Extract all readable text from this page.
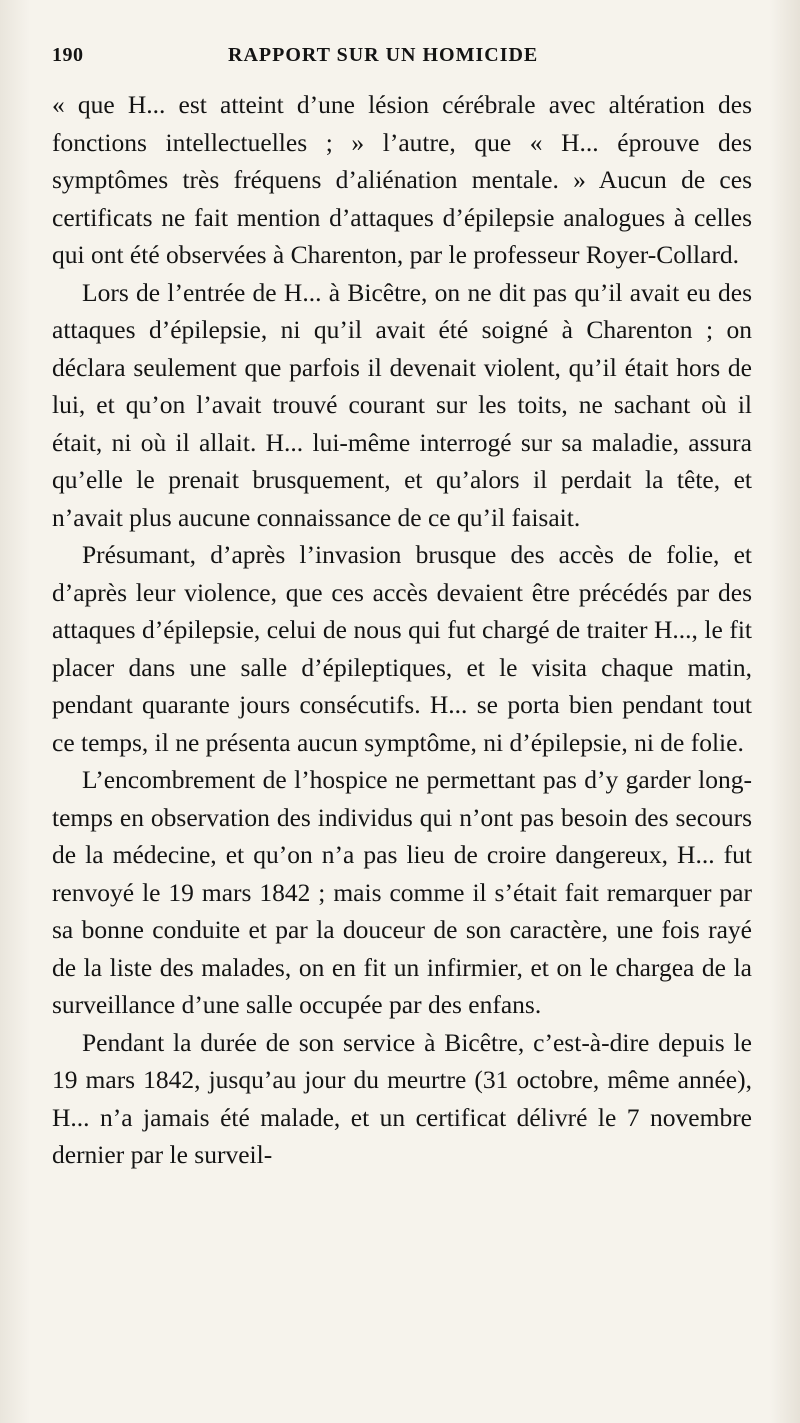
190	RAPPORT SUR UN HOMICIDE

« que H... est atteint d’une lésion cérébrale avec altération des fonctions intellectuelles ; » l’autre, que « H... éprouve des symptômes très fréquens d’aliénation mentale. » Aucun de ces certificats ne fait mention d’attaques d’épilepsie analogues à celles qui ont été observées à Charenton, par le professeur Royer-Collard.

Lors de l’entrée de H... à Bicêtre, on ne dit pas qu’il avait eu des attaques d’épilepsie, ni qu’il avait été soigné à Charenton ; on déclara seulement que parfois il devenait violent, qu’il était hors de lui, et qu’on l’avait trouvé courant sur les toits, ne sachant où il était, ni où il allait. H... lui-même interrogé sur sa maladie, assura qu’elle le prenait brusquement, et qu’alors il perdait la tête, et n’avait plus aucune connaissance de ce qu’il faisait.

Présumant, d’après l’invasion brusque des accès de folie, et d’après leur violence, que ces accès devaient être précédés par des attaques d’épilepsie, celui de nous qui fut chargé de traiter H..., le fit placer dans une salle d’épileptiques, et le visita chaque matin, pendant quarante jours consécutifs. H... se porta bien pendant tout ce temps, il ne présenta aucun symptôme, ni d’épilepsie, ni de folie.

L’encombrement de l’hospice ne permettant pas d’y garder long-temps en observation des individus qui n’ont pas besoin des secours de la médecine, et qu’on n’a pas lieu de croire dangereux, H... fut renvoyé le 19 mars 1842 ; mais comme il s’était fait remarquer par sa bonne conduite et par la douceur de son caractère, une fois rayé de la liste des malades, on en fit un infirmier, et on le chargea de la surveillance d’une salle occupée par des enfans.

Pendant la durée de son service à Bicêtre, c’est-à-dire depuis le 19 mars 1842, jusqu’au jour du meurtre (31 octobre, même année), H... n’a jamais été malade, et un certificat délivré le 7 novembre dernier par le surveil-
